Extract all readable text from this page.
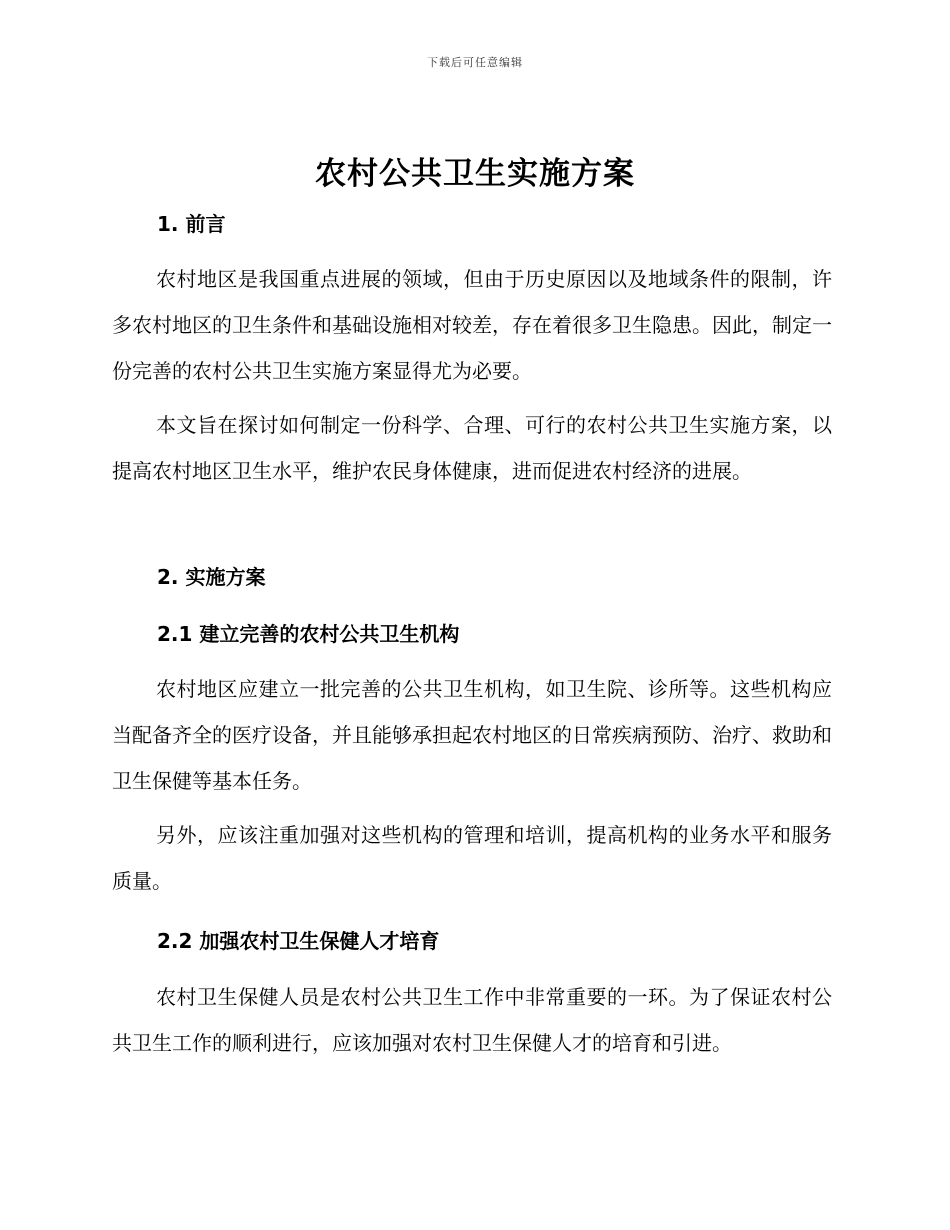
下载后可任意编辑
农村公共卫生实施方案
1. 前言
农村地区是我国重点进展的领域，但由于历史原因以及地域条件的限制，许多农村地区的卫生条件和基础设施相对较差，存在着很多卫生隐患。因此，制定一份完善的农村公共卫生实施方案显得尤为必要。
本文旨在探讨如何制定一份科学、合理、可行的农村公共卫生实施方案，以提高农村地区卫生水平，维护农民身体健康，进而促进农村经济的进展。
2. 实施方案
2.1 建立完善的农村公共卫生机构
农村地区应建立一批完善的公共卫生机构，如卫生院、诊所等。这些机构应当配备齐全的医疗设备，并且能够承担起农村地区的日常疾病预防、治疗、救助和卫生保健等基本任务。
另外，应该注重加强对这些机构的管理和培训，提高机构的业务水平和服务质量。
2.2 加强农村卫生保健人才培育
农村卫生保健人员是农村公共卫生工作中非常重要的一环。为了保证农村公共卫生工作的顺利进行，应该加强对农村卫生保健人才的培育和引进。
